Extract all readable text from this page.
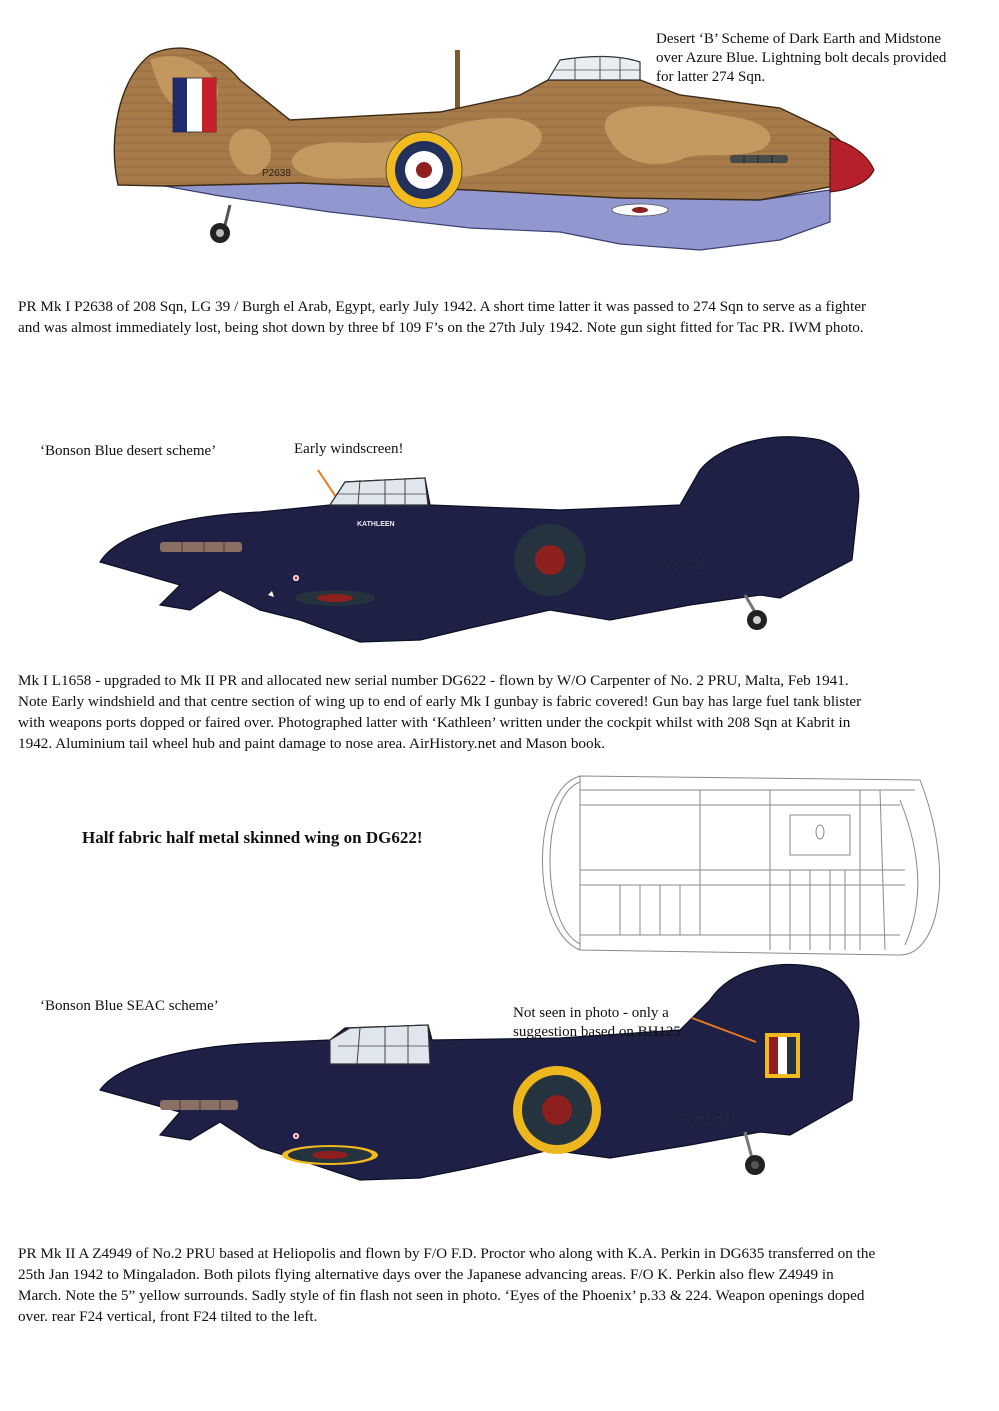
P2638
KATHLEEN
DG622
Z4949
Desert ‘B’ Scheme of Dark Earth and Midstone
over Azure Blue. Lightning bolt decals provided
for latter 274 Sqn.
PR Mk I P2638 of 208 Sqn, LG 39 / Burgh el Arab, Egypt, early July 1942. A short time latter it was passed to 274 Sqn to serve as a fighter
and was almost immediately lost, being shot down by three bf 109 F’s on the 27th July 1942. Note gun sight fitted for Tac PR. IWM photo.
‘Bonson Blue desert scheme’	Early windscreen!
Mk I L1658 - upgraded to Mk II PR and allocated new serial number DG622 - flown by W/O Carpenter of No. 2 PRU, Malta, Feb 1941.
Note Early windshield and that centre section of wing up to end of early Mk I gunbay is fabric covered! Gun bay has large fuel tank blister
with weapons ports dopped or faired over. Photographed latter with ‘Kathleen’ written under the cockpit whilst with 208 Sqn at Kabrit in
1942. Aluminium tail wheel hub and paint damage to nose area. AirHistory.net and Mason book.
Half fabric half metal skinned wing on DG622!
‘Bonson Blue SEAC scheme’	Not seen in photo - only a
suggestion based on BH125
PR Mk II A Z4949 of No.2 PRU based at Heliopolis and flown by F/O F.D. Proctor who along with K.A. Perkin in DG635 transferred on the
25th Jan 1942 to Mingaladon. Both pilots flying alternative days over the Japanese advancing areas. F/O K. Perkin also flew Z4949 in
March. Note the 5” yellow surrounds. Sadly style of fin flash not seen in photo. ‘Eyes of the Phoenix’ p.33 & 224. Weapon openings doped
over. rear F24 vertical, front F24 tilted to the left.
